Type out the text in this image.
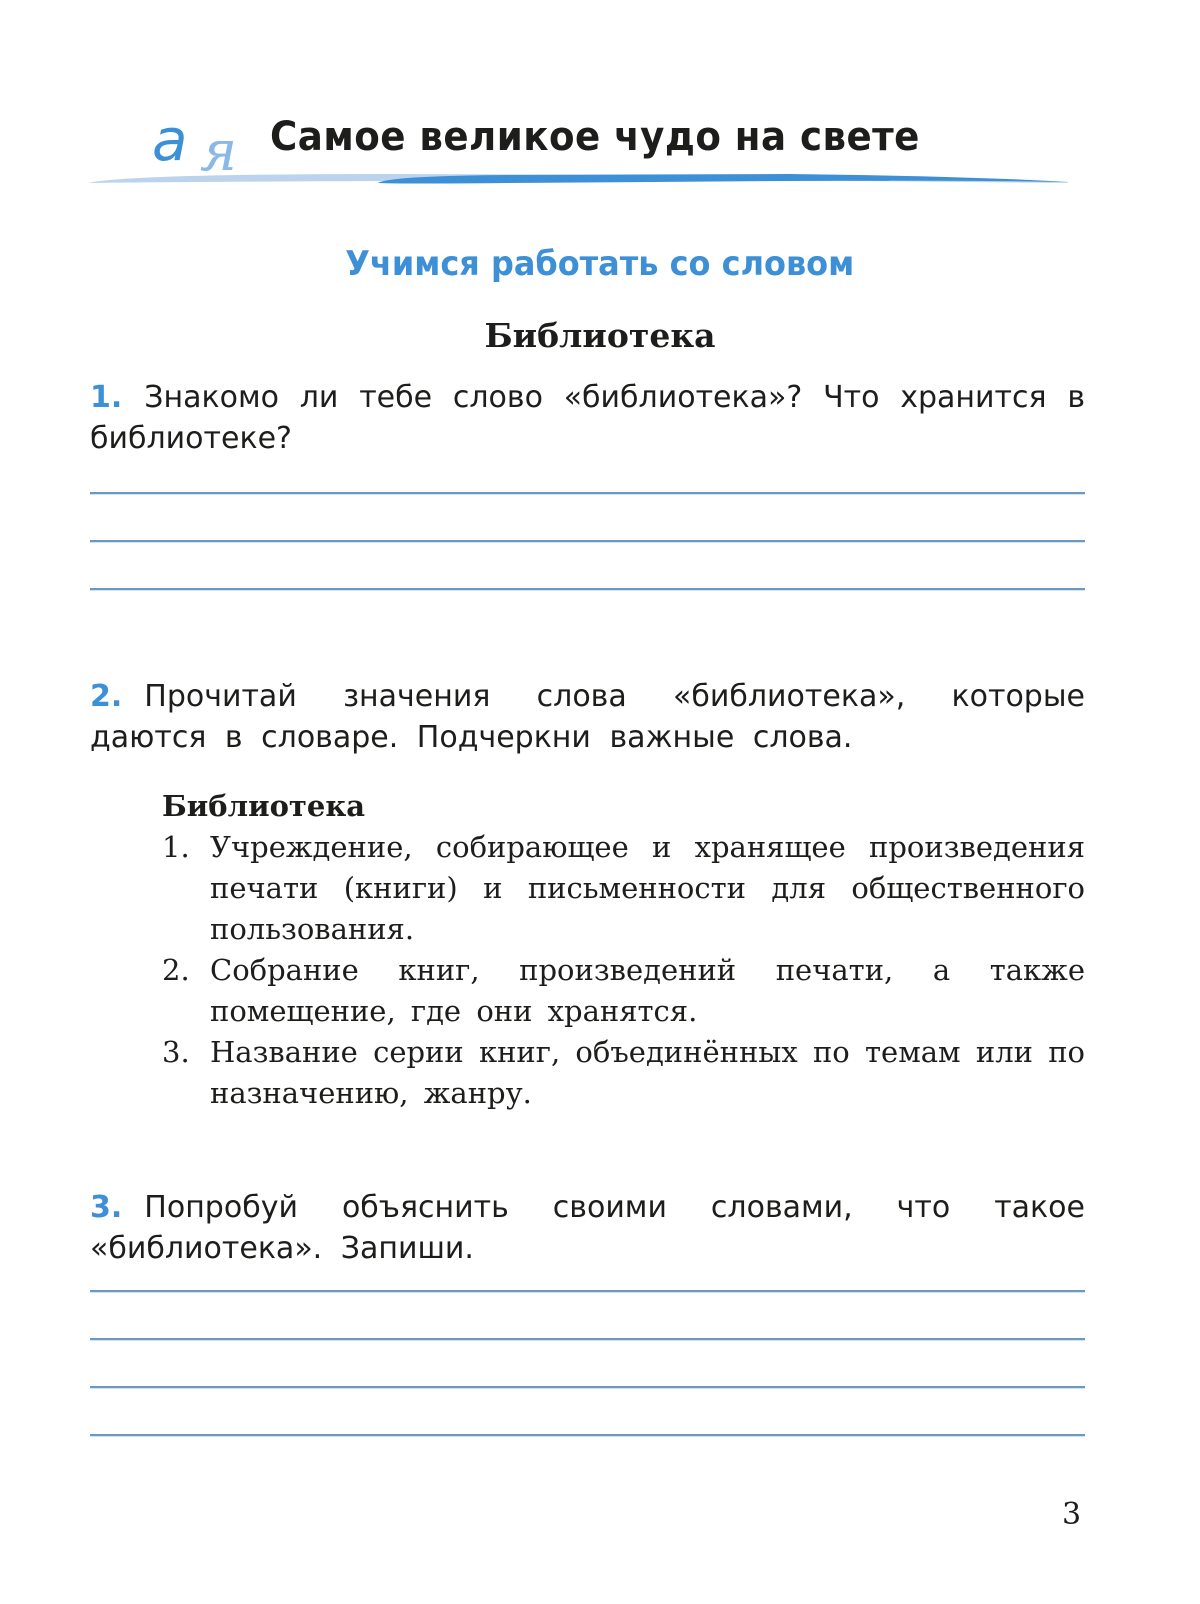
я
а Самое великое чудо на свете
Учимся работать со словом
Библиотека
1. Знакомо ли тебе слово «библиотека»? Что хранится в библиотеке?
2. Прочитай значения слова «библиотека», которые даются в словаре. Подчеркни важные слова.
Библиотека
1. Учреждение, собирающее и хранящее произведения печати (книги) и письменности для общественного пользования.
2. Собрание книг, произведений печати, а также помещение, где они хранятся.
3. Название серии книг, объединённых по темам или по назначению, жанру.
3. Попробуй объяснить своими словами, что такое «библиотека». Запиши.
3
